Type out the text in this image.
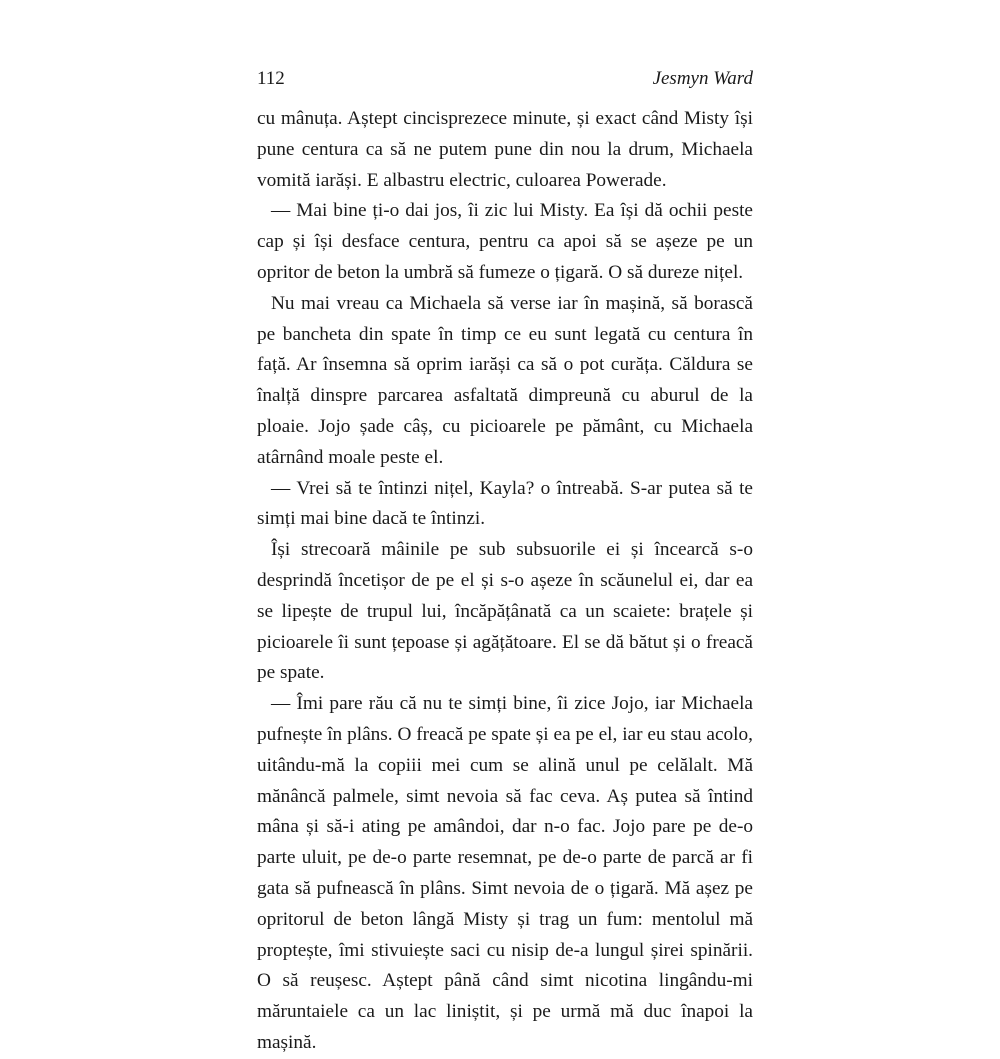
112	Jesmyn Ward

cu mânuța. Aștept cincisprezece minute, și exact când Misty își pune centura ca să ne putem pune din nou la drum, Michaela vomită iarăși. E albastru electric, culoarea Powerade.

— Mai bine ți-o dai jos, îi zic lui Misty. Ea își dă ochii peste cap și își desface centura, pentru ca apoi să se așeze pe un opritor de beton la umbră să fumeze o țigară. O să dureze nițel.

Nu mai vreau ca Michaela să verse iar în mașină, să borască pe bancheta din spate în timp ce eu sunt legată cu centura în față. Ar însemna să oprim iarăși ca să o pot curăța. Căldura se înalță dinspre parcarea asfaltată dimpreună cu aburul de la ploaie. Jojo șade câș, cu picioarele pe pământ, cu Michaela atârnând moale peste el.

— Vrei să te întinzi nițel, Kayla? o întreabă. S-ar putea să te simți mai bine dacă te întinzi.

Își strecoară mâinile pe sub subsuorile ei și încearcă s-o desprindă încetișor de pe el și s-o așeze în scăunelul ei, dar ea se lipește de trupul lui, încăpățânată ca un scaiete: brațele și picioarele îi sunt țepoase și agățătoare. El se dă bătut și o freacă pe spate.

— Îmi pare rău că nu te simți bine, îi zice Jojo, iar Michaela pufnește în plâns. O freacă pe spate și ea pe el, iar eu stau acolo, uitându-mă la copiii mei cum se alină unul pe celălalt. Mă mănâncă palmele, simt nevoia să fac ceva. Aș putea să întind mâna și să-i ating pe amândoi, dar n-o fac. Jojo pare pe de-o parte uluit, pe de-o parte resemnat, pe de-o parte de parcă ar fi gata să pufnească în plâns. Simt nevoia de o țigară. Mă așez pe opritorul de beton lângă Misty și trag un fum: mentolul mă proptește, îmi stivuiește saci cu nisip de-a lungul șirei spinării. O să reușesc. Aștept până când simt nicotina lingându-mi măruntaiele ca un lac liniștit, și pe urmă mă duc înapoi la mașină.
